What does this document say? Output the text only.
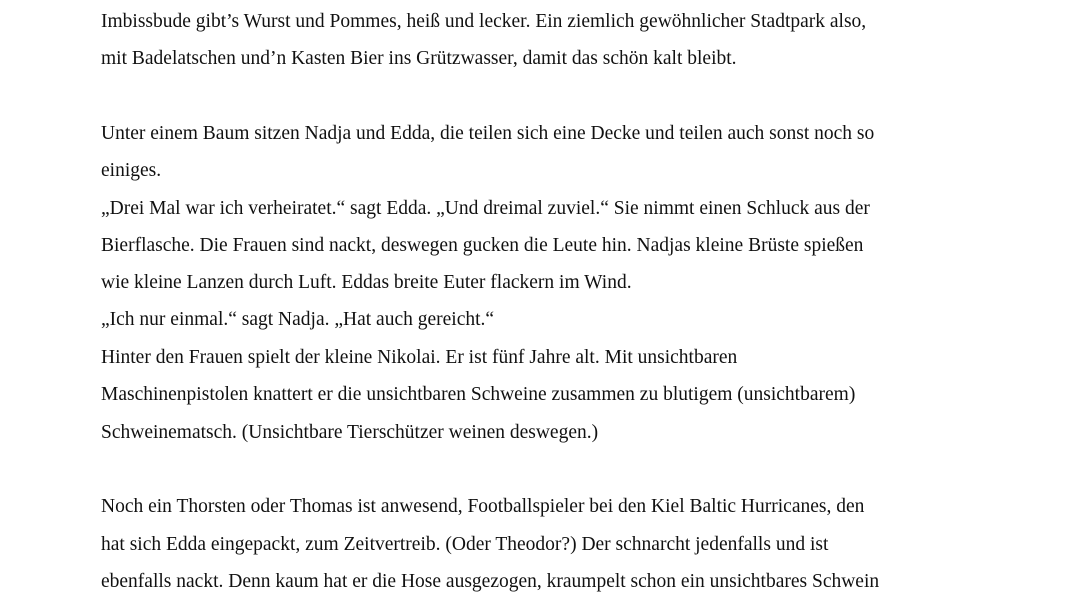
Imbissbude gibt’s Wurst und Pommes, heiß und lecker. Ein ziemlich gewöhnlicher Stadtpark also,
mit Badelatschen und’n Kasten Bier ins Grützwasser, damit das schön kalt bleibt.
Unter einem Baum sitzen Nadja und Edda, die teilen sich eine Decke und teilen auch sonst noch so
einiges.
„Drei Mal war ich verheiratet.“ sagt Edda. „Und dreimal zuviel.“ Sie nimmt einen Schluck aus der
Bierflasche. Die Frauen sind nackt, deswegen gucken die Leute hin. Nadjas kleine Brüste spießen
wie kleine Lanzen durch Luft. Eddas breite Euter flackern im Wind.
„Ich nur einmal.“ sagt Nadja. „Hat auch gereicht.“
Hinter den Frauen spielt der kleine Nikolai. Er ist fünf Jahre alt. Mit unsichtbaren
Maschinenpistolen knattert er die unsichtbaren Schweine zusammen zu blutigem (unsichtbarem)
Schweinematsch. (Unsichtbare Tierschützer weinen deswegen.)
Noch ein Thorsten oder Thomas ist anwesend, Footballspieler bei den Kiel Baltic Hurricanes, den
hat sich Edda eingepackt, zum Zeitvertreib. (Oder Theodor?) Der schnarcht jedenfalls und ist
ebenfalls nackt. Denn kaum hat er die Hose ausgezogen, kraumpelt schon ein unsichtbares Schwein
